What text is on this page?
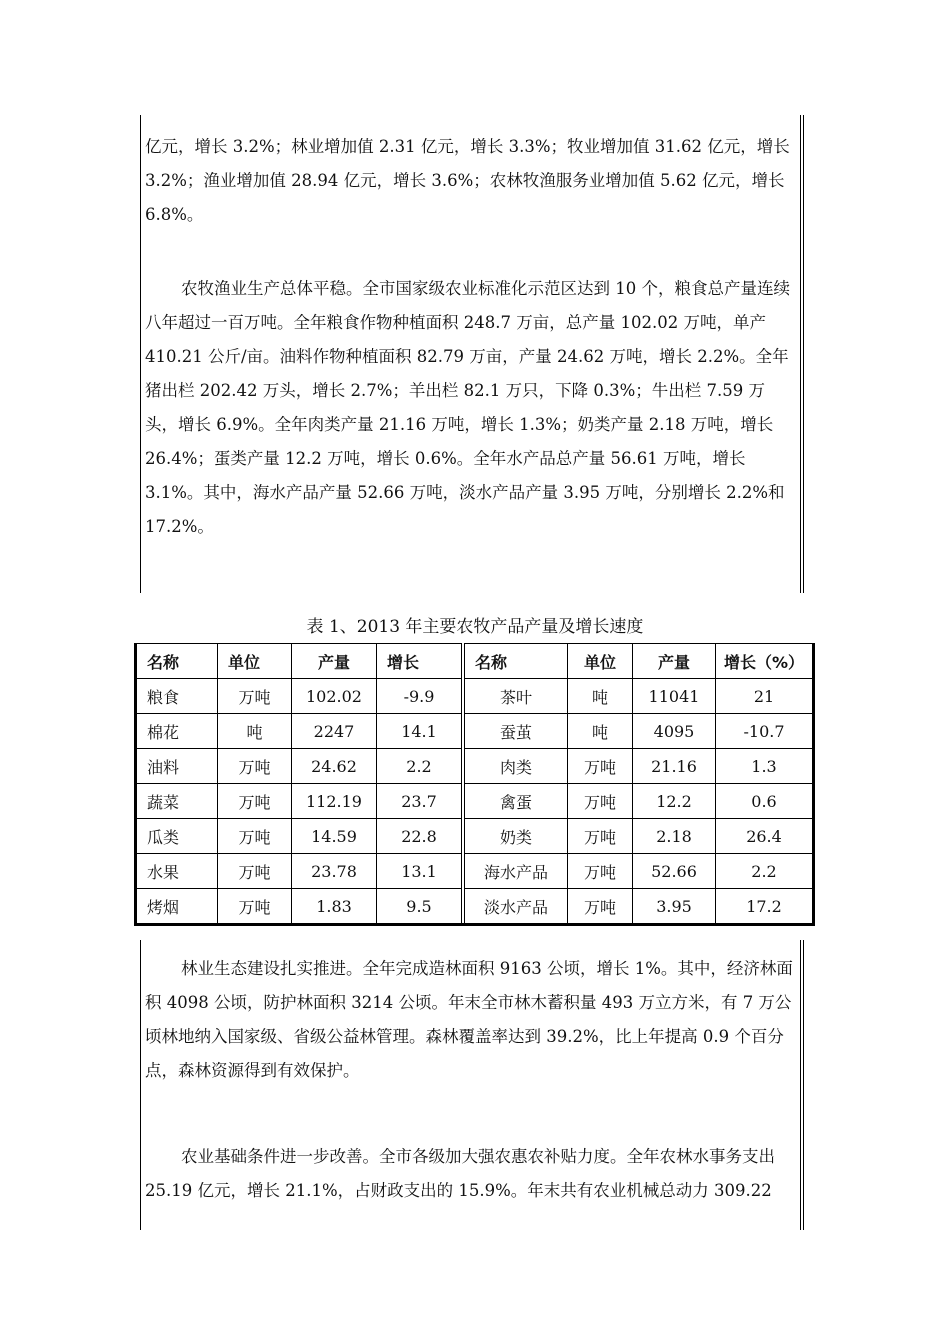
亿元，增长 3.2%；林业增加值 2.31 亿元，增长 3.3%；牧业增加值 31.62 亿元，增长 3.2%；渔业增加值 28.94 亿元，增长 3.6%；农林牧渔服务业增加值 5.62 亿元，增长 6.8%。

农牧渔业生产总体平稳。全市国家级农业标准化示范区达到 10 个，粮食总产量连续八年超过一百万吨。全年粮食作物种植面积 248.7 万亩，总产量 102.02 万吨，单产 410.21 公斤/亩。油料作物种植面积 82.79 万亩，产量 24.62 万吨，增长 2.2%。全年猪出栏 202.42 万头，增长 2.7%；羊出栏 82.1 万只，下降 0.3%；牛出栏 7.59 万头，增长 6.9%。全年肉类产量 21.16 万吨，增长 1.3%；奶类产量 2.18 万吨，增长 26.4%；蛋类产量 12.2 万吨，增长 0.6%。全年水产品总产量 56.61 万吨，增长 3.1%。其中，海水产品产量 52.66 万吨，淡水产品产量 3.95 万吨，分别增长 2.2%和 17.2%。

表 1、2013 年主要农牧产品产量及增长速度
名称	单位	产量	增长		名称	单位	产量	增长（%）
粮食	万吨	102.02	-9.9		茶叶	吨	11041	21
棉花	吨	2247	14.1		蚕茧	吨	4095	-10.7
油料	万吨	24.62	2.2		肉类	万吨	21.16	1.3
蔬菜	万吨	112.19	23.7		禽蛋	万吨	12.2	0.6
瓜类	万吨	14.59	22.8		奶类	万吨	2.18	26.4
水果	万吨	23.78	13.1		海水产品	万吨	52.66	2.2
烤烟	万吨	1.83	9.5		淡水产品	万吨	3.95	17.2

林业生态建设扎实推进。全年完成造林面积 9163 公顷，增长 1%。其中，经济林面积 4098 公顷，防护林面积 3214 公顷。年末全市林木蓄积量 493 万立方米，有 7 万公顷林地纳入国家级、省级公益林管理。森林覆盖率达到 39.2%，比上年提高 0.9 个百分点，森林资源得到有效保护。

农业基础条件进一步改善。全市各级加大强农惠农补贴力度。全年农林水事务支出 25.19 亿元，增长 21.1%，占财政支出的 15.9%。年末共有农业机械总动力 309.22
